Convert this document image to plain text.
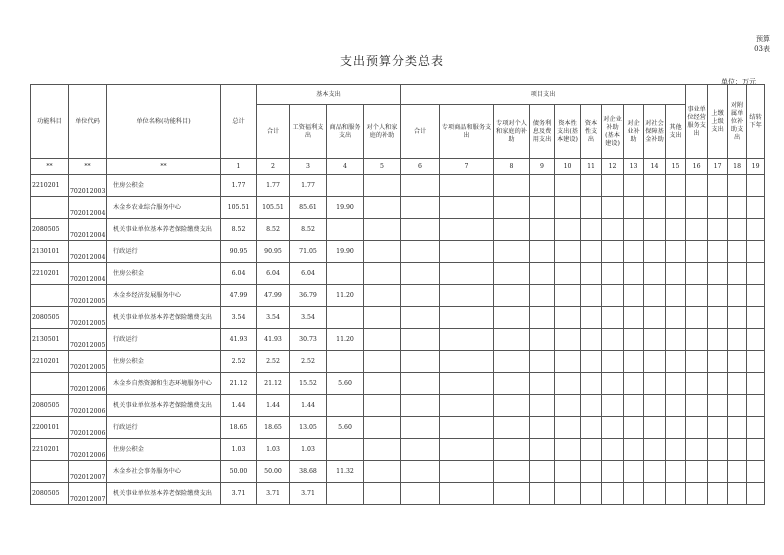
预算
03表
支出预算分类总表
单位：万元
功能科目	单位代码	单位名称(功能科目)	总计	基本支出				项目支出										事业单位经营服务支出	上缴上级支出	对附属单位补助支出	结转下年
				合计	工资福利支出	商品和服务支出	对个人和家庭的补助	合计	专项商品和服务支出	专项对个人和家庭的补助	债务利息及费用支出	资本性支出(基本建设)	资本性支出	对企业补助(基本建设)	对企业补助	对社会保障基金补助	其他支出				
**	**	**	1	2	3	4	5	6	7	8	9	10	11	12	13	14	15	16	17	18	19
2210201	702012003	住房公积金	1.77	1.77	1.77																
	702012004	木金乡农业综合服务中心	105.51	105.51	85.61	19.90															
2080505	702012004	机关事业单位基本养老保险缴费支出	8.52	8.52	8.52																
2130101	702012004	行政运行	90.95	90.95	71.05	19.90															
2210201	702012004	住房公积金	6.04	6.04	6.04																
	702012005	木金乡经济发展服务中心	47.99	47.99	36.79	11.20															
2080505	702012005	机关事业单位基本养老保险缴费支出	3.54	3.54	3.54																
2130501	702012005	行政运行	41.93	41.93	30.73	11.20															
2210201	702012005	住房公积金	2.52	2.52	2.52																
	702012006	木金乡自然资源和生态环境服务中心	21.12	21.12	15.52	5.60															
2080505	702012006	机关事业单位基本养老保险缴费支出	1.44	1.44	1.44																
2200101	702012006	行政运行	18.65	18.65	13.05	5.60															
2210201	702012006	住房公积金	1.03	1.03	1.03																
	702012007	木金乡社会事务服务中心	50.00	50.00	38.68	11.32															
2080505	702012007	机关事业单位基本养老保险缴费支出	3.71	3.71	3.71																
